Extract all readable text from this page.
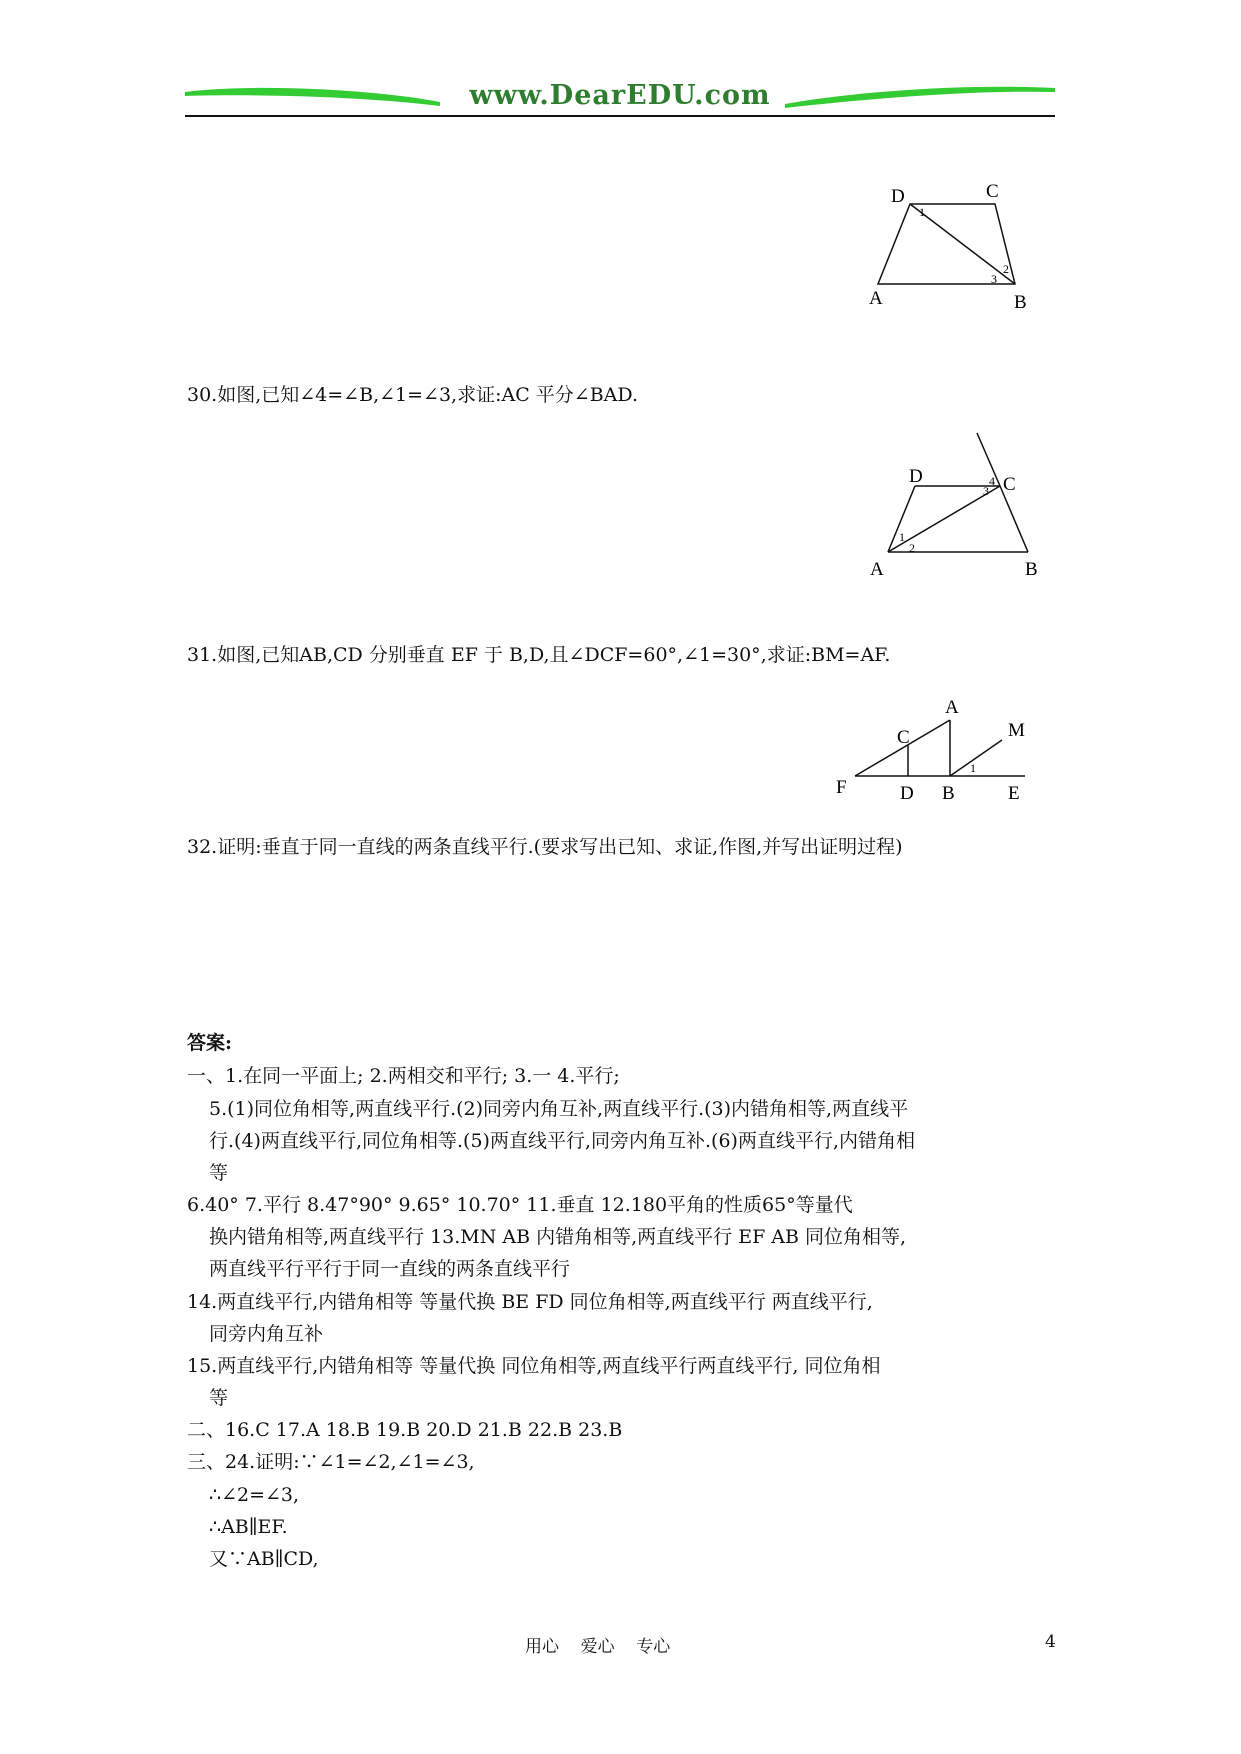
www.DearEDU.com
D	C
A	B
1
2
3
30.如图,已知∠4=∠B,∠1=∠3,求证:AC 平分∠BAD.
D	C
A	B
1
2
3
4
31.如图,已知AB,CD 分别垂直 EF 于 B,D,且∠DCF=60°,∠1=30°,求证:BM=AF.
A
M
C
F	D B	E
1
32.证明:垂直于同一直线的两条直线平行.(要求写出已知、求证,作图,并写出证明过程)
答案:
一、1.在同一平面上; 2.两相交和平行; 3.一 4.平行;
5.(1)同位角相等,两直线平行.(2)同旁内角互补,两直线平行.(3)内错角相等,两直线平
行.(4)两直线平行,同位角相等.(5)两直线平行,同旁内角互补.(6)两直线平行,内错角相
等
6.40° 7.平行 8.47°90° 9.65° 10.70° 11.垂直 12.180平角的性质65°等量代
换内错角相等,两直线平行 13.MN AB 内错角相等,两直线平行 EF AB 同位角相等,
两直线平行平行于同一直线的两条直线平行
14.两直线平行,内错角相等 等量代换 BE FD 同位角相等,两直线平行 两直线平行,
同旁内角互补
15.两直线平行,内错角相等 等量代换 同位角相等,两直线平行两直线平行, 同位角相
等
二、16.C 17.A 18.B 19.B 20.D 21.B 22.B 23.B
三、24.证明:∵∠1=∠2,∠1=∠3,
∴∠2=∠3,
∴AB∥EF.
又∵AB∥CD,
用心    爱心    专心	4
